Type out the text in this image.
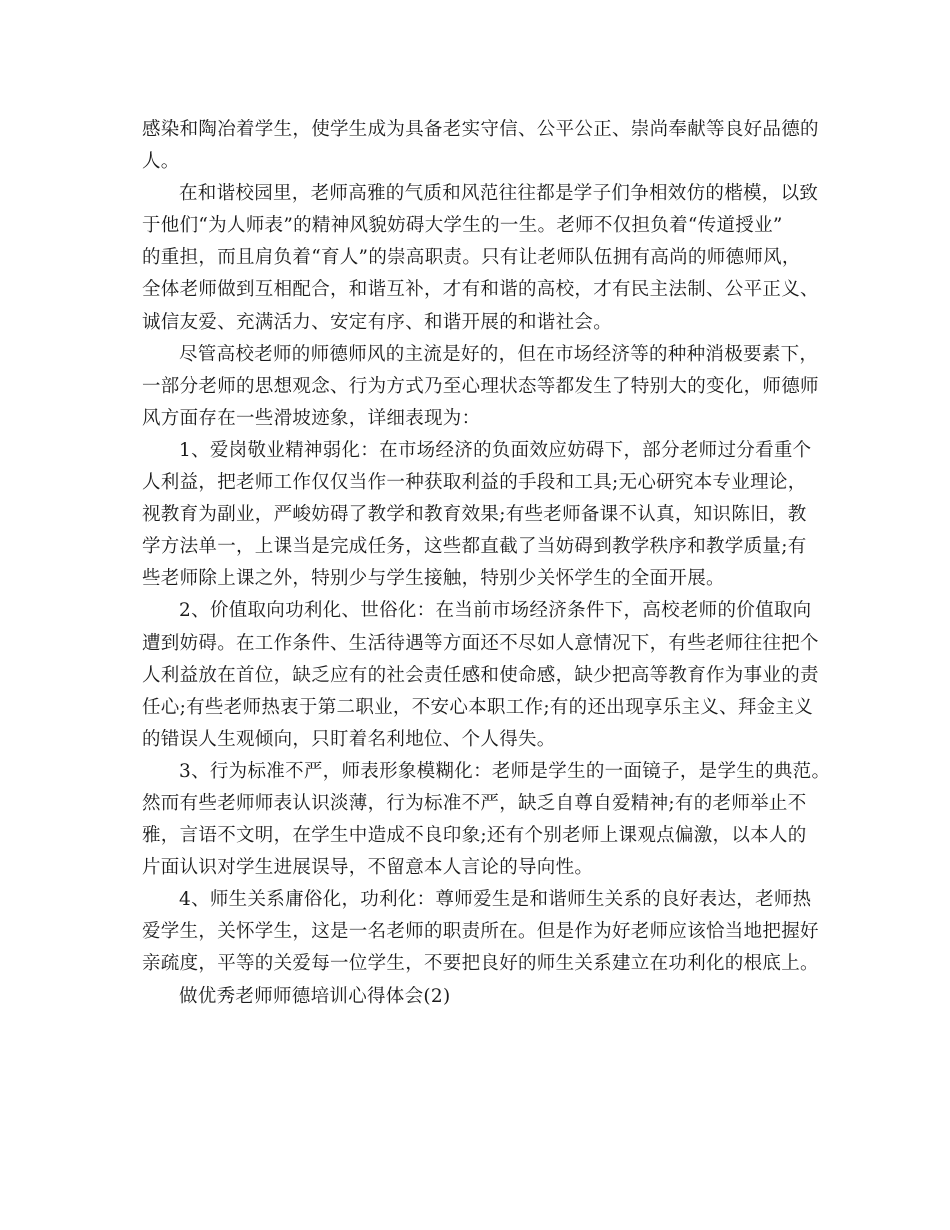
感染和陶冶着学生，使学生成为具备老实守信、公平公正、崇尚奉献等良好品德的
人。
在和谐校园里，老师高雅的气质和风范往往都是学子们争相效仿的楷模，以致
于他们“为人师表”的精神风貌妨碍大学生的一生。老师不仅担负着“传道授业”
的重担，而且肩负着“育人”的崇高职责。只有让老师队伍拥有高尚的师德师风，
全体老师做到互相配合，和谐互补，才有和谐的高校，才有民主法制、公平正义、
诚信友爱、充满活力、安定有序、和谐开展的和谐社会。
尽管高校老师的师德师风的主流是好的，但在市场经济等的种种消极要素下，
一部分老师的思想观念、行为方式乃至心理状态等都发生了特别大的变化，师德师
风方面存在一些滑坡迹象，详细表现为：
1、爱岗敬业精神弱化：在市场经济的负面效应妨碍下，部分老师过分看重个
人利益，把老师工作仅仅当作一种获取利益的手段和工具;无心研究本专业理论，
视教育为副业，严峻妨碍了教学和教育效果;有些老师备课不认真，知识陈旧，教
学方法单一，上课当是完成任务，这些都直截了当妨碍到教学秩序和教学质量;有
些老师除上课之外，特别少与学生接触，特别少关怀学生的全面开展。
2、价值取向功利化、世俗化：在当前市场经济条件下，高校老师的价值取向
遭到妨碍。在工作条件、生活待遇等方面还不尽如人意情况下，有些老师往往把个
人利益放在首位，缺乏应有的社会责任感和使命感，缺少把高等教育作为事业的责
任心;有些老师热衷于第二职业，不安心本职工作;有的还出现享乐主义、拜金主义
的错误人生观倾向，只盯着名利地位、个人得失。
3、行为标准不严，师表形象模糊化：老师是学生的一面镜子，是学生的典范。
然而有些老师师表认识淡薄，行为标准不严，缺乏自尊自爱精神;有的老师举止不
雅，言语不文明，在学生中造成不良印象;还有个别老师上课观点偏激，以本人的
片面认识对学生进展误导，不留意本人言论的导向性。
4、师生关系庸俗化，功利化：尊师爱生是和谐师生关系的良好表达，老师热
爱学生，关怀学生，这是一名老师的职责所在。但是作为好老师应该恰当地把握好
亲疏度，平等的关爱每一位学生，不要把良好的师生关系建立在功利化的根底上。
做优秀老师师德培训心得体会(2)
